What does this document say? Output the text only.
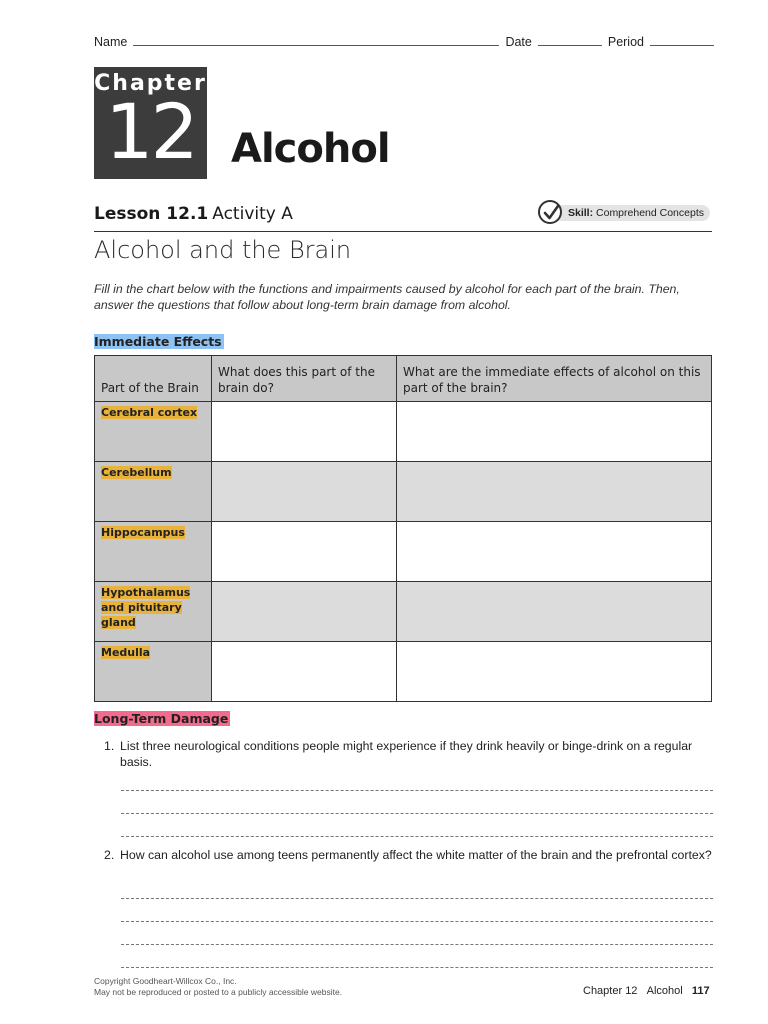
Name	Date	Period
Chapter
12 Alcohol
Lesson 12.1 Activity A	Skill: Comprehend Concepts
Alcohol and the Brain
Fill in the chart below with the functions and impairments caused by alcohol for each part of the brain. Then, answer the questions that follow about long-term brain damage from alcohol.
Immediate Effects
Part of the Brain	What does this part of the brain do?	What are the immediate effects of alcohol on this part of the brain?
Cerebral cortex		
Cerebellum		
Hippocampus		
Hypothalamus and pituitary gland		
Medulla		
Long-Term Damage
1. List three neurological conditions people might experience if they drink heavily or binge-drink on a regular basis.
2. How can alcohol use among teens permanently affect the white matter of the brain and the prefrontal cortex?
Copyright Goodheart-Willcox Co., Inc.
May not be reproduced or posted to a publicly accessible website.	Chapter 12 Alcohol 117
